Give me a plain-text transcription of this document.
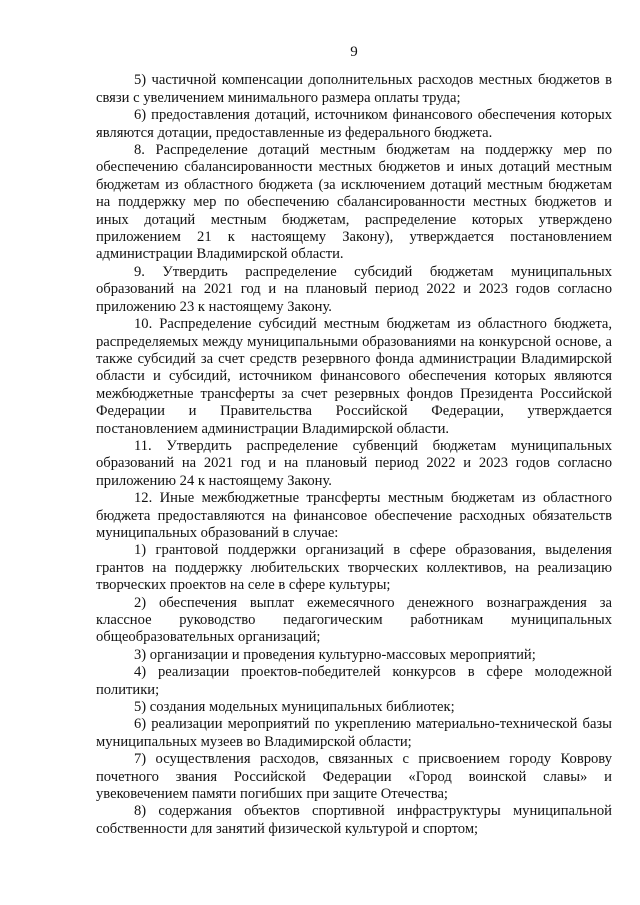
9

5) частичной компенсации дополнительных расходов местных бюджетов в связи с увеличением минимального размера оплаты труда;

6) предоставления дотаций, источником финансового обеспечения которых являются дотации, предоставленные из федерального бюджета.

8. Распределение дотаций местным бюджетам на поддержку мер по обеспечению сбалансированности местных бюджетов и иных дотаций местным бюджетам из областного бюджета (за исключением дотаций местным бюджетам на поддержку мер по обеспечению сбалансированности местных бюджетов и иных дотаций местным бюджетам, распределение которых утверждено приложением 21 к настоящему Закону), утверждается постановлением администрации Владимирской области.

9. Утвердить распределение субсидий бюджетам муниципальных образований на 2021 год и на плановый период 2022 и 2023 годов согласно приложению 23 к настоящему Закону.

10. Распределение субсидий местным бюджетам из областного бюджета, распределяемых между муниципальными образованиями на конкурсной основе, а также субсидий за счет средств резервного фонда администрации Владимирской области и субсидий, источником финансового обеспечения которых являются межбюджетные трансферты за счет резервных фондов Президента Российской Федерации и Правительства Российской Федерации, утверждается постановлением администрации Владимирской области.

11. Утвердить распределение субвенций бюджетам муниципальных образований на 2021 год и на плановый период 2022 и 2023 годов согласно приложению 24 к настоящему Закону.

12. Иные межбюджетные трансферты местным бюджетам из областного бюджета предоставляются на финансовое обеспечение расходных обязательств муниципальных образований в случае:

1) грантовой поддержки организаций в сфере образования, выделения грантов на поддержку любительских творческих коллективов, на реализацию творческих проектов на селе в сфере культуры;

2) обеспечения выплат ежемесячного денежного вознаграждения за классное руководство педагогическим работникам муниципальных общеобразовательных организаций;

3) организации и проведения культурно-массовых мероприятий;

4) реализации проектов-победителей конкурсов в сфере молодежной политики;

5) создания модельных муниципальных библиотек;

6) реализации мероприятий по укреплению материально-технической базы муниципальных музеев во Владимирской области;

7) осуществления расходов, связанных с присвоением городу Коврову почетного звания Российской Федерации «Город воинской славы» и увековечением памяти погибших при защите Отечества;

8) содержания объектов спортивной инфраструктуры муниципальной собственности для занятий физической культурой и спортом;
